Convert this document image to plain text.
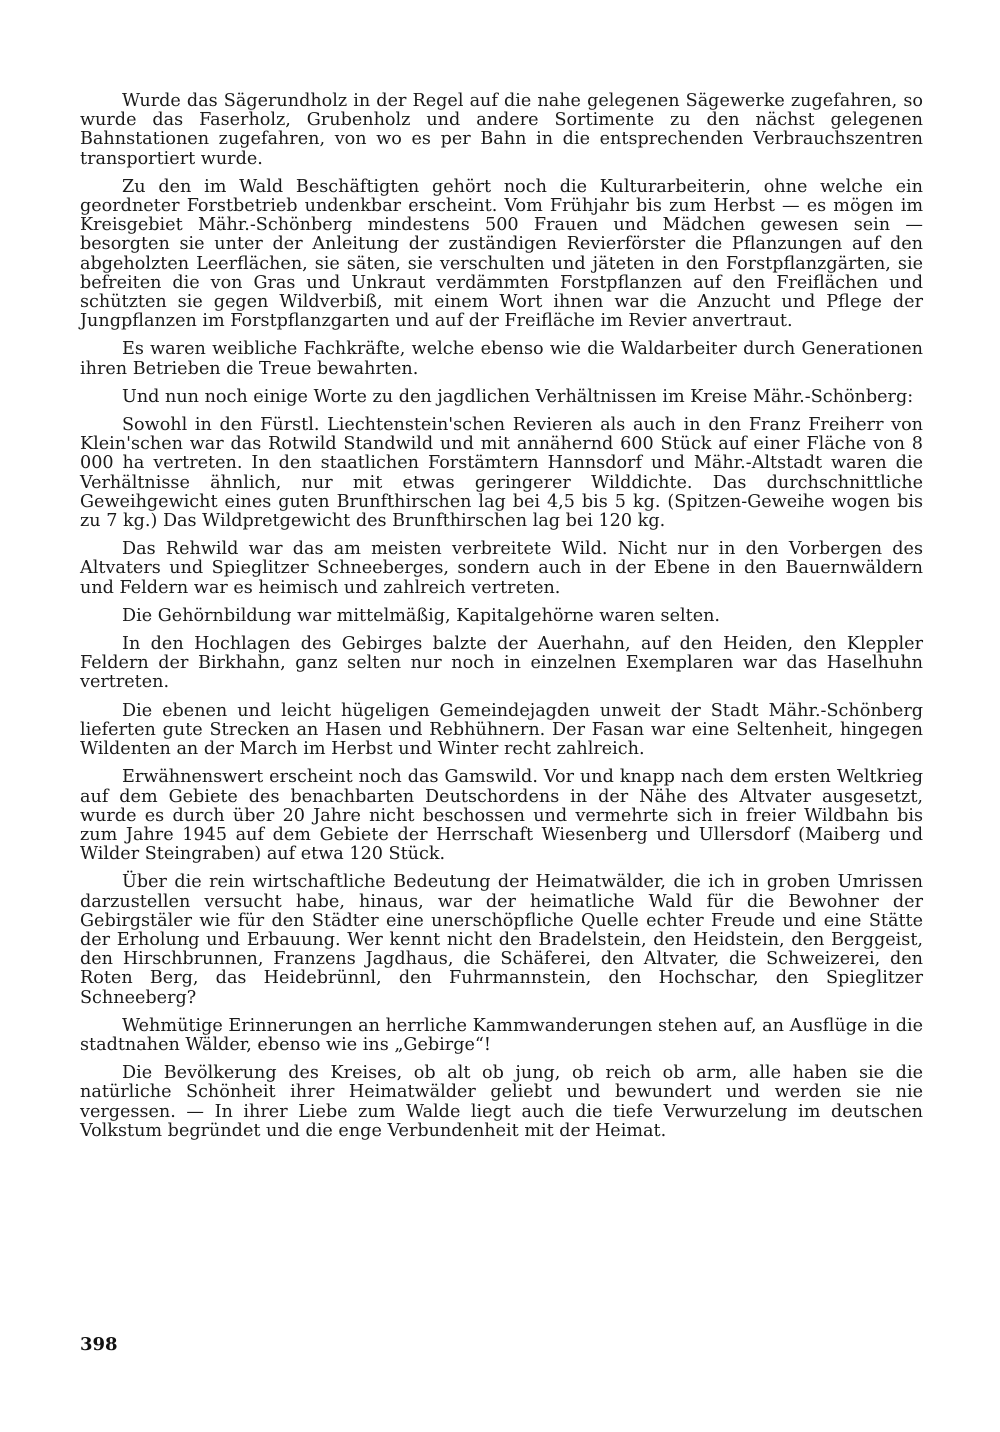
Wurde das Sägerundholz in der Regel auf die nahe gelegenen Sägewerke zugefahren, so wurde das Faserholz, Grubenholz und andere Sortimente zu den nächst gelegenen Bahnstationen zugefahren, von wo es per Bahn in die entsprechenden Verbrauchszentren transportiert wurde.

Zu den im Wald Beschäftigten gehört noch die Kulturarbeiterin, ohne welche ein geordneter Forstbetrieb undenkbar erscheint. Vom Frühjahr bis zum Herbst — es mögen im Kreisgebiet Mähr.-Schönberg mindestens 500 Frauen und Mädchen gewesen sein — besorgten sie unter der Anleitung der zuständigen Revierförster die Pflanzungen auf den abgeholzten Leerflächen, sie säten, sie verschulten und jäteten in den Forstpflanzgärten, sie befreiten die von Gras und Unkraut verdämmten Forstpflanzen auf den Freiflächen und schützten sie gegen Wildverbiß, mit einem Wort ihnen war die Anzucht und Pflege der Jungpflanzen im Forstpflanzgarten und auf der Freifläche im Revier anvertraut.

Es waren weibliche Fachkräfte, welche ebenso wie die Waldarbeiter durch Generationen ihren Betrieben die Treue bewahrten.

Und nun noch einige Worte zu den jagdlichen Verhältnissen im Kreise Mähr.-Schönberg:

Sowohl in den Fürstl. Liechtenstein'schen Revieren als auch in den Franz Freiherr von Klein'schen war das Rotwild Standwild und mit annähernd 600 Stück auf einer Fläche von 8 000 ha vertreten. In den staatlichen Forstämtern Hannsdorf und Mähr.-Altstadt waren die Verhältnisse ähnlich, nur mit etwas geringerer Wilddichte. Das durchschnittliche Geweihgewicht eines guten Brunfthirschen lag bei 4,5 bis 5 kg. (Spitzen-Geweihe wogen bis zu 7 kg.) Das Wildpretgewicht des Brunfthirschen lag bei 120 kg.

Das Rehwild war das am meisten verbreitete Wild. Nicht nur in den Vorbergen des Altvaters und Spieglitzer Schneeberges, sondern auch in der Ebene in den Bauernwäldern und Feldern war es heimisch und zahlreich vertreten.

Die Gehörnbildung war mittelmäßig, Kapitalgehörne waren selten.

In den Hochlagen des Gebirges balzte der Auerhahn, auf den Heiden, den Kleppler Feldern der Birkhahn, ganz selten nur noch in einzelnen Exemplaren war das Haselhuhn vertreten.

Die ebenen und leicht hügeligen Gemeindejagden unweit der Stadt Mähr.-Schönberg lieferten gute Strecken an Hasen und Rebhühnern. Der Fasan war eine Seltenheit, hingegen Wildenten an der March im Herbst und Winter recht zahlreich.

Erwähnenswert erscheint noch das Gamswild. Vor und knapp nach dem ersten Weltkrieg auf dem Gebiete des benachbarten Deutschordens in der Nähe des Altvater ausgesetzt, wurde es durch über 20 Jahre nicht beschossen und vermehrte sich in freier Wildbahn bis zum Jahre 1945 auf dem Gebiete der Herrschaft Wiesenberg und Ullersdorf (Maiberg und Wilder Steingraben) auf etwa 120 Stück.

Über die rein wirtschaftliche Bedeutung der Heimatwälder, die ich in groben Umrissen darzustellen versucht habe, hinaus, war der heimatliche Wald für die Bewohner der Gebirgstäler wie für den Städter eine unerschöpfliche Quelle echter Freude und eine Stätte der Erholung und Erbauung. Wer kennt nicht den Bradelstein, den Heidstein, den Berggeist, den Hirschbrunnen, Franzens Jagdhaus, die Schäferei, den Altvater, die Schweizerei, den Roten Berg, das Heidebrünnl, den Fuhrmannstein, den Hochschar, den Spieglitzer Schneeberg?

Wehmütige Erinnerungen an herrliche Kammwanderungen stehen auf, an Ausflüge in die stadtnahen Wälder, ebenso wie ins „Gebirge“!

Die Bevölkerung des Kreises, ob alt ob jung, ob reich ob arm, alle haben sie die natürliche Schönheit ihrer Heimatwälder geliebt und bewundert und werden sie nie vergessen. — In ihrer Liebe zum Walde liegt auch die tiefe Verwurzelung im deutschen Volkstum begründet und die enge Verbundenheit mit der Heimat.

398
